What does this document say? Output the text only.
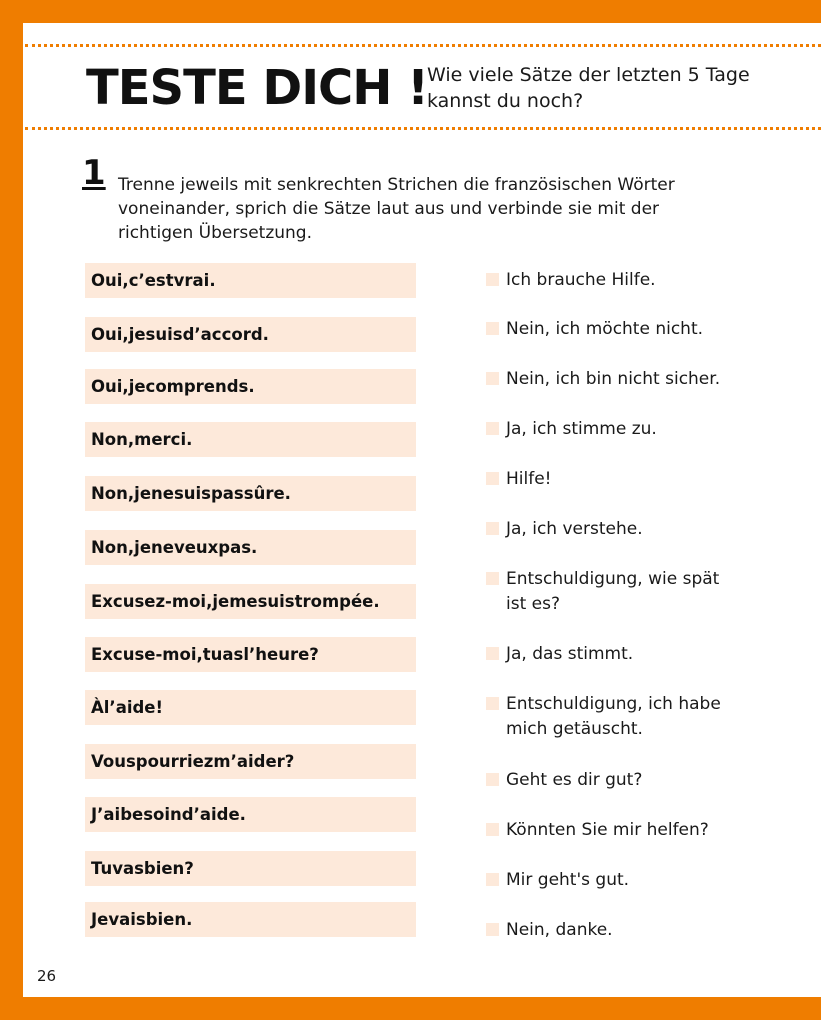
TESTE DICH !
Wie viele Sätze der letzten 5 Tage kannst du noch?
1 Trenne jeweils mit senkrechten Strichen die französischen Wörter voneinander, sprich die Sätze laut aus und verbinde sie mit der richtigen Übersetzung.
Oui,c’estvrai.
Oui,jesuisd’accord.
Oui,jecomprends.
Non,merci.
Non,jenesuispassûre.
Non,jeneveuxpas.
Excusez-moi,jemesuistrompée.
Excuse-moi,tuasl’heure?
Àl’aide!
Vouspourriezm’aider?
J’aibesoind’aide.
Tuvasbien?
Jevaisbien.
Ich brauche Hilfe.
Nein, ich möchte nicht.
Nein, ich bin nicht sicher.
Ja, ich stimme zu.
Hilfe!
Ja, ich verstehe.
Entschuldigung, wie spät ist es?
Ja, das stimmt.
Entschuldigung, ich habe mich getäuscht.
Geht es dir gut?
Könnten Sie mir helfen?
Mir geht's gut.
Nein, danke.
26
